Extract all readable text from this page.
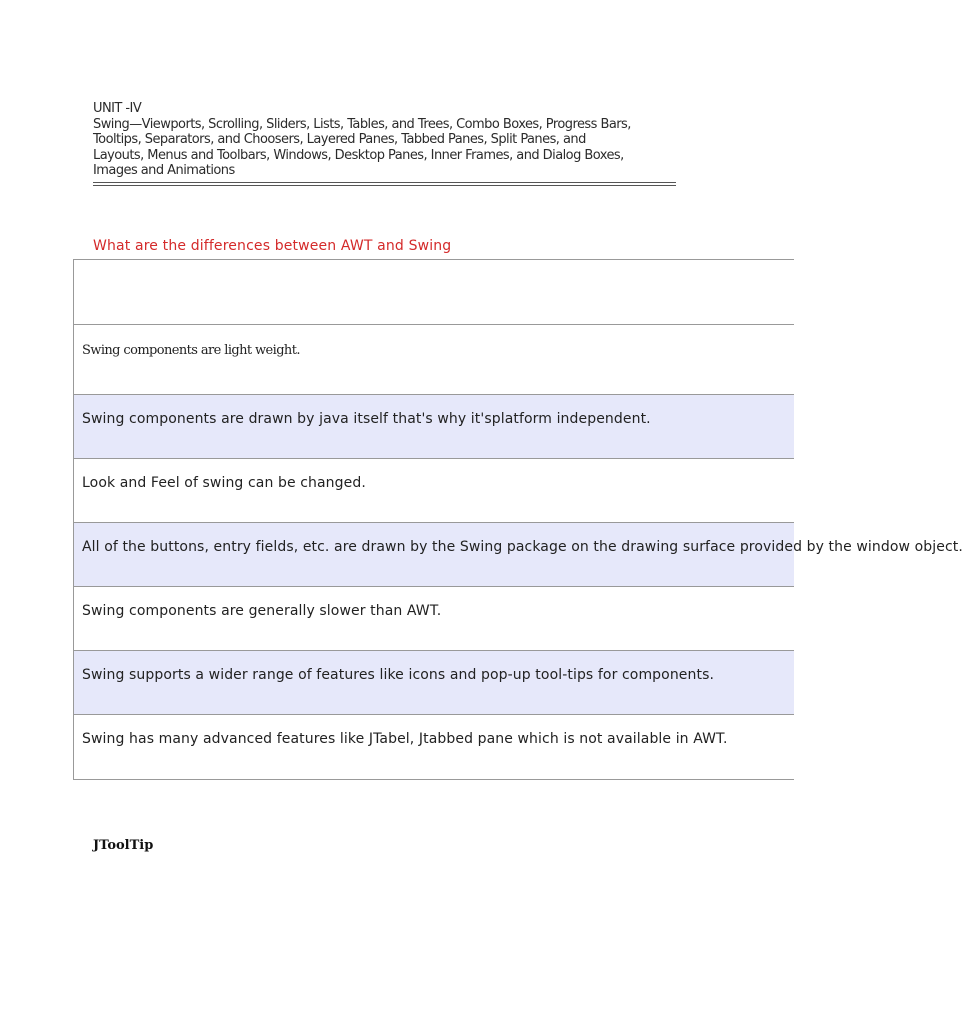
UNIT -IV
Swing—Viewports, Scrolling, Sliders, Lists, Tables, and Trees, Combo Boxes, Progress Bars,
Tooltips, Separators, and Choosers, Layered Panes, Tabbed Panes, Split Panes, and
Layouts, Menus and Toolbars, Windows, Desktop Panes, Inner Frames, and Dialog Boxes,
Images and Animations
What are the differences between AWT and Swing
Swing components are light weight.
Swing components are drawn by java itself that's why it'splatform independent.
Look and Feel of swing can be changed.
All of the buttons, entry fields, etc. are drawn by the Swing package on the drawing surface provided by the window object.
Swing components are generally slower than AWT.
Swing supports a wider range of features like icons and pop-up tool-tips for components.
Swing has many advanced features like JTabel, Jtabbed pane which is not available in AWT.
JToolTip
